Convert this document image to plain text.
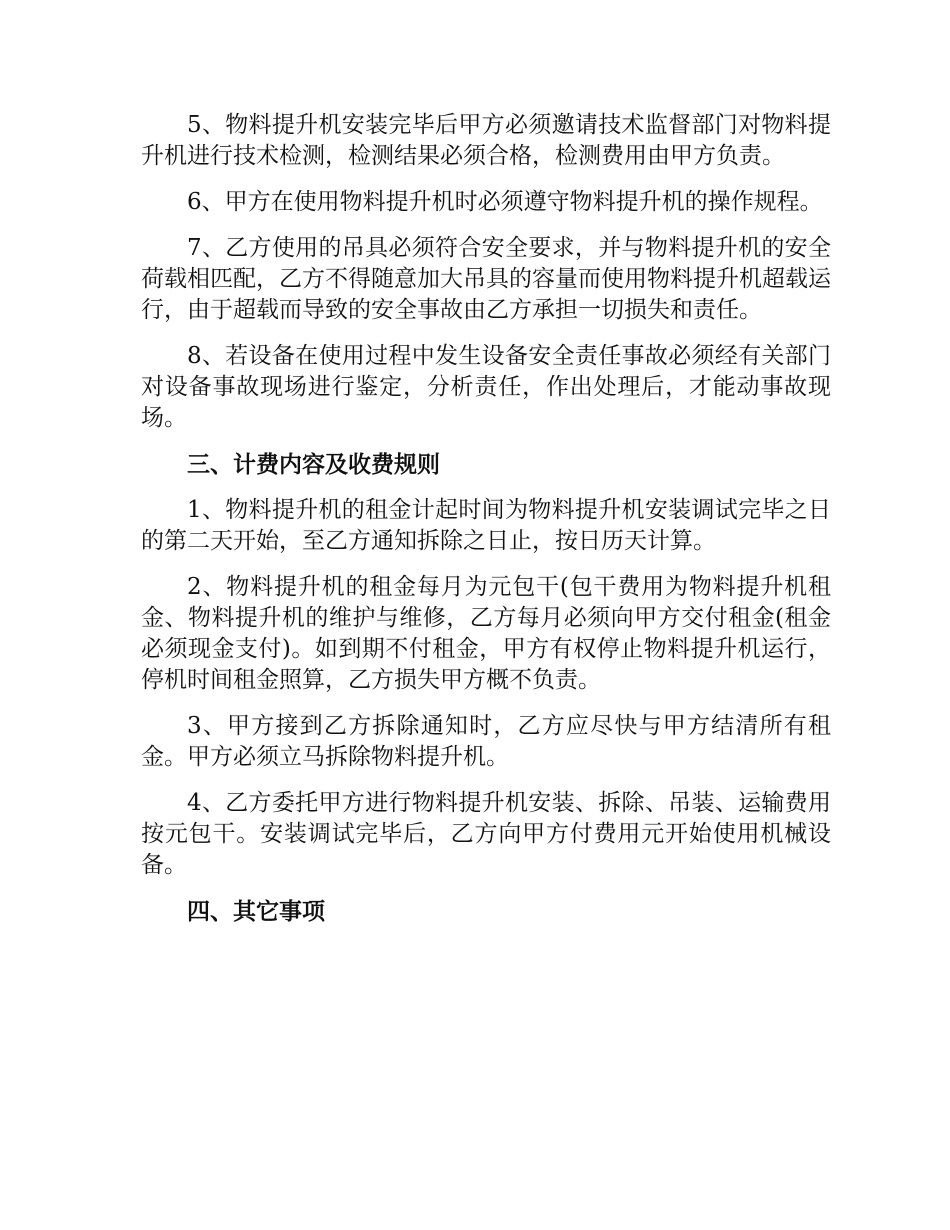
5、物料提升机安装完毕后甲方必须邀请技术监督部门对物料提升机进行技术检测，检测结果必须合格，检测费用由甲方负责。

6、甲方在使用物料提升机时必须遵守物料提升机的操作规程。

7、乙方使用的吊具必须符合安全要求，并与物料提升机的安全荷载相匹配，乙方不得随意加大吊具的容量而使用物料提升机超载运行，由于超载而导致的安全事故由乙方承担一切损失和责任。

8、若设备在使用过程中发生设备安全责任事故必须经有关部门对设备事故现场进行鉴定，分析责任，作出处理后，才能动事故现场。

三、计费内容及收费规则

1、物料提升机的租金计起时间为物料提升机安装调试完毕之日的第二天开始，至乙方通知拆除之日止，按日历天计算。

2、物料提升机的租金每月为元包干(包干费用为物料提升机租金、物料提升机的维护与维修，乙方每月必须向甲方交付租金(租金必须现金支付)。如到期不付租金，甲方有权停止物料提升机运行，停机时间租金照算，乙方损失甲方概不负责。

3、甲方接到乙方拆除通知时，乙方应尽快与甲方结清所有租金。甲方必须立马拆除物料提升机。

4、乙方委托甲方进行物料提升机安装、拆除、吊装、运输费用按元包干。安装调试完毕后，乙方向甲方付费用元开始使用机械设备。

四、其它事项
